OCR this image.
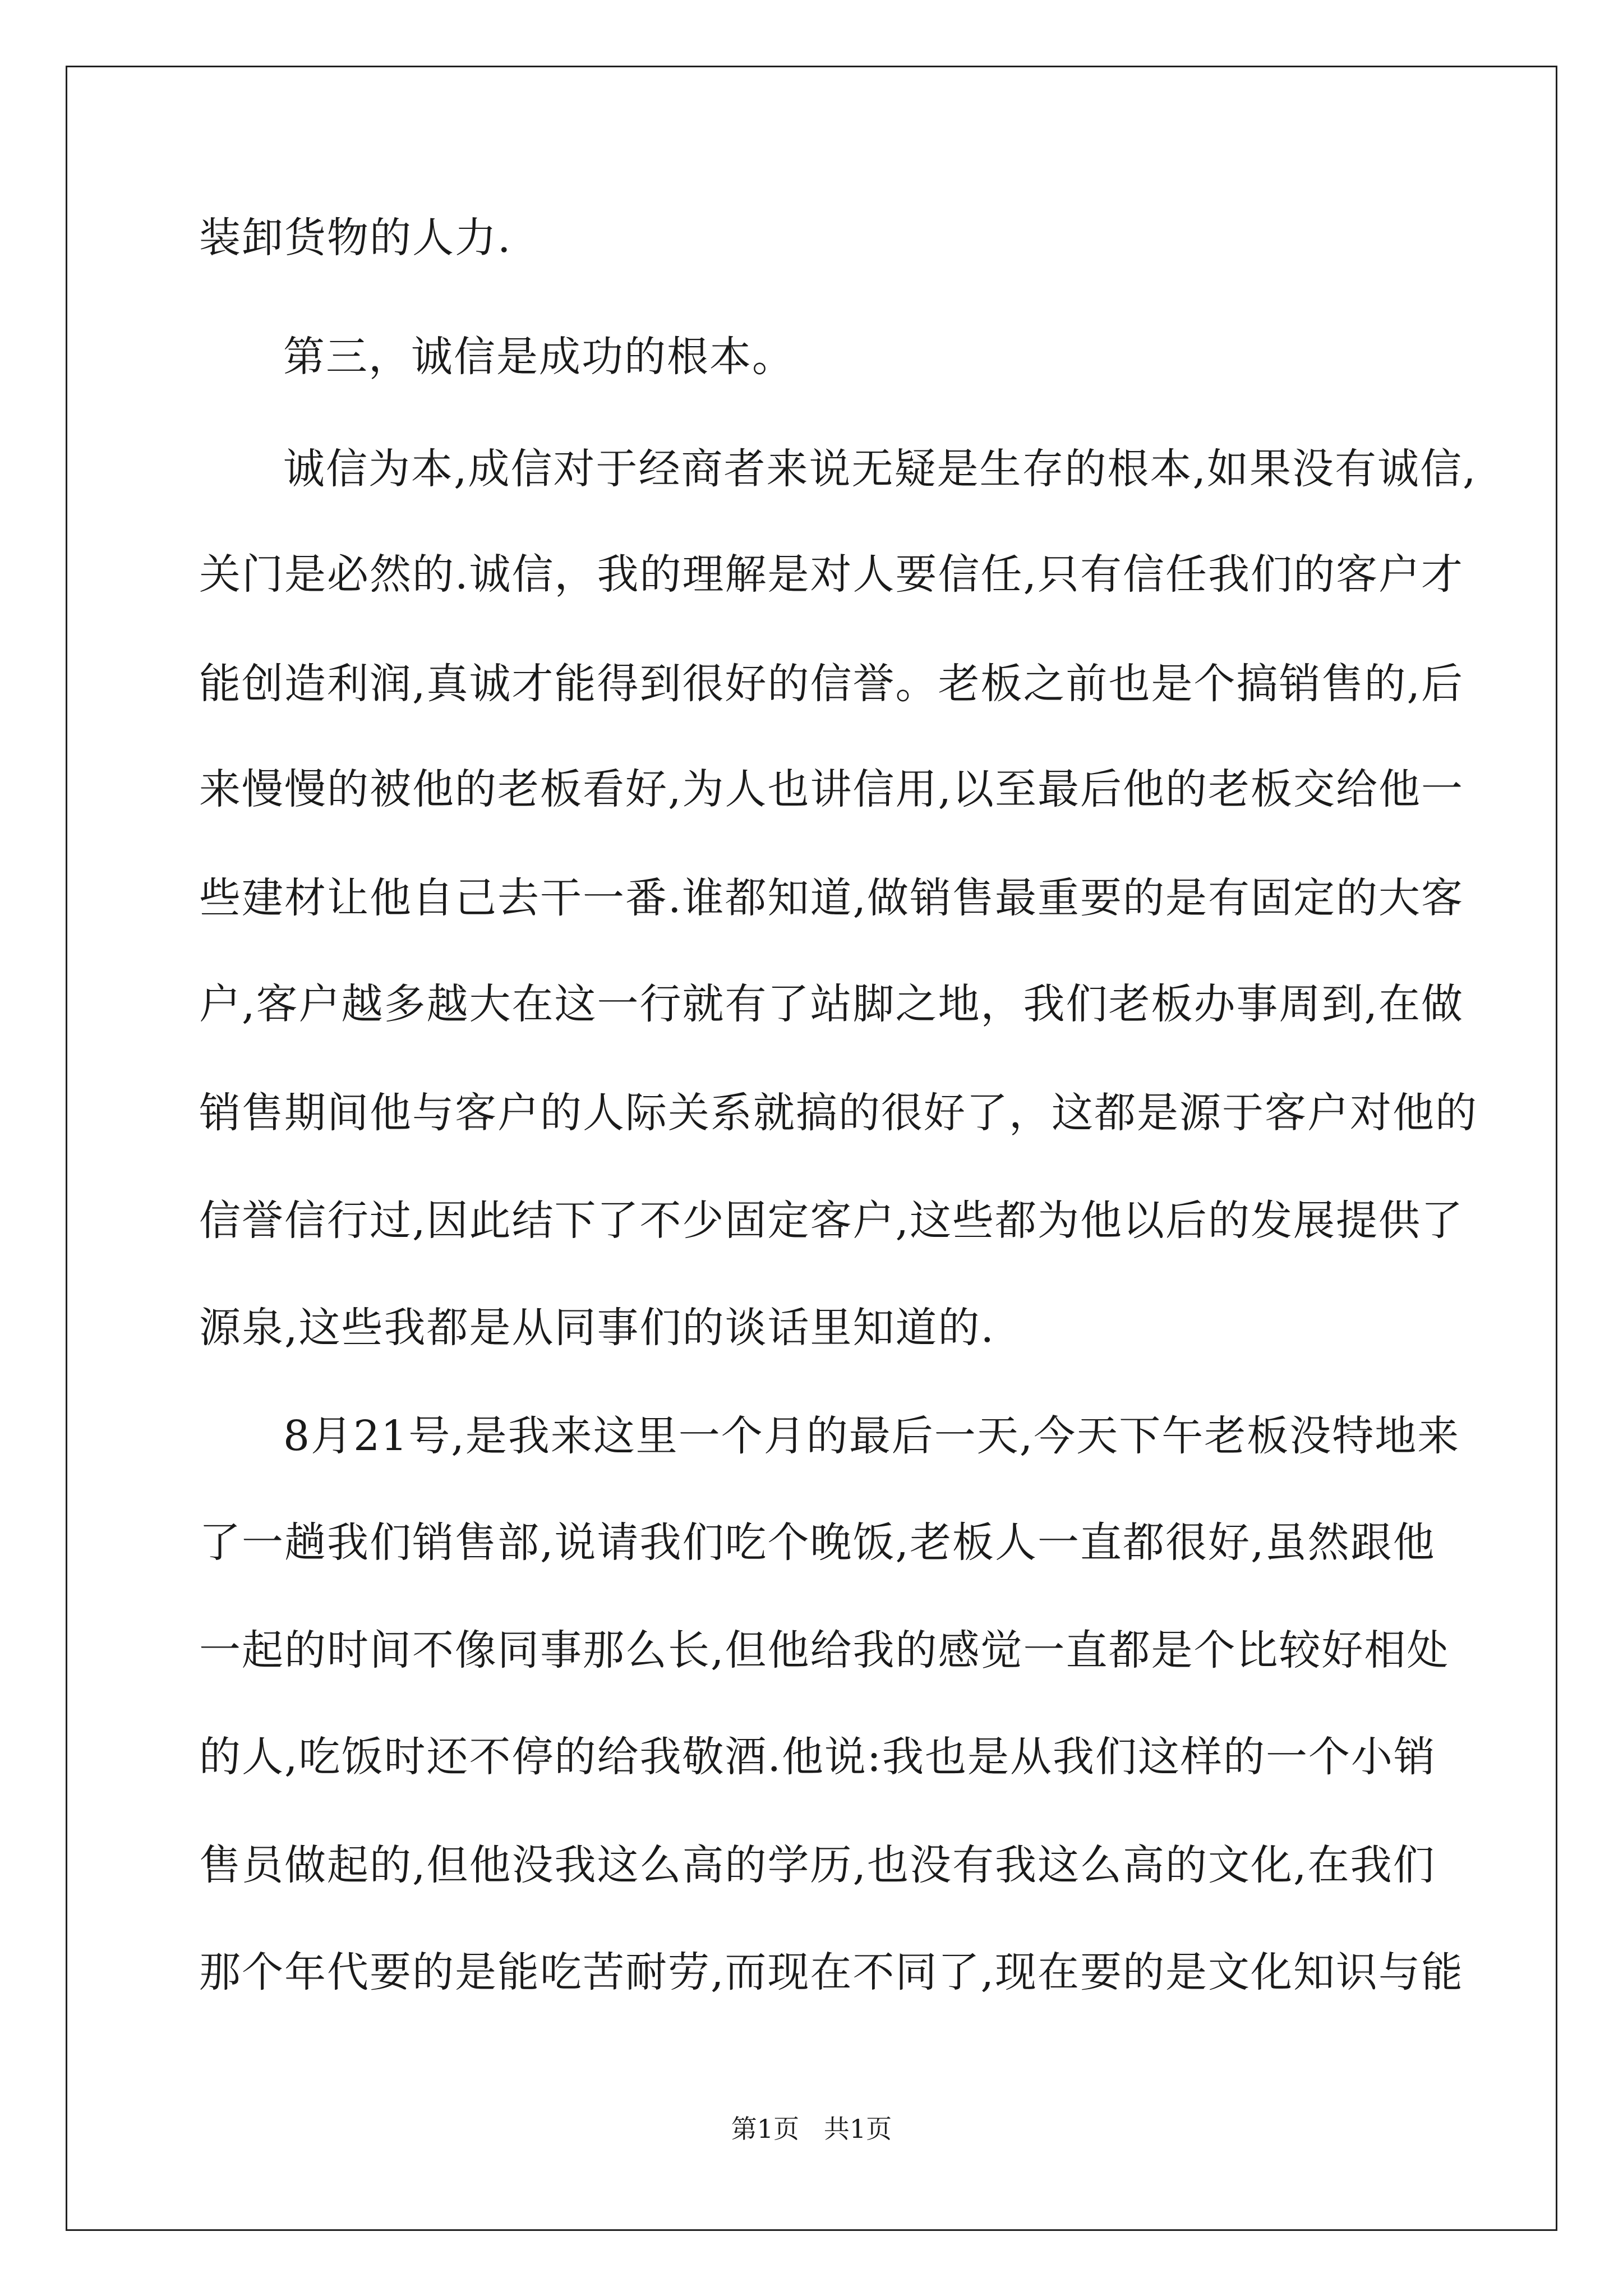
装卸货物的人力.
第三，诚信是成功的根本。
诚信为本,成信对于经商者来说无疑是生存的根本,如果没有诚信,
关门是必然的.诚信，我的理解是对人要信任,只有信任我们的客户才
能创造利润,真诚才能得到很好的信誉。老板之前也是个搞销售的,后
来慢慢的被他的老板看好,为人也讲信用,以至最后他的老板交给他一
些建材让他自己去干一番.谁都知道,做销售最重要的是有固定的大客
户,客户越多越大在这一行就有了站脚之地，我们老板办事周到,在做
销售期间他与客户的人际关系就搞的很好了，这都是源于客户对他的
信誉信行过,因此结下了不少固定客户,这些都为他以后的发展提供了
源泉,这些我都是从同事们的谈话里知道的.
8月21号,是我来这里一个月的最后一天,今天下午老板没特地来
了一趟我们销售部,说请我们吃个晚饭,老板人一直都很好,虽然跟他
一起的时间不像同事那么长,但他给我的感觉一直都是个比较好相处
的人,吃饭时还不停的给我敬酒.他说:我也是从我们这样的一个小销
售员做起的,但他没我这么高的学历,也没有我这么高的文化,在我们
那个年代要的是能吃苦耐劳,而现在不同了,现在要的是文化知识与能
第1页   共1页
